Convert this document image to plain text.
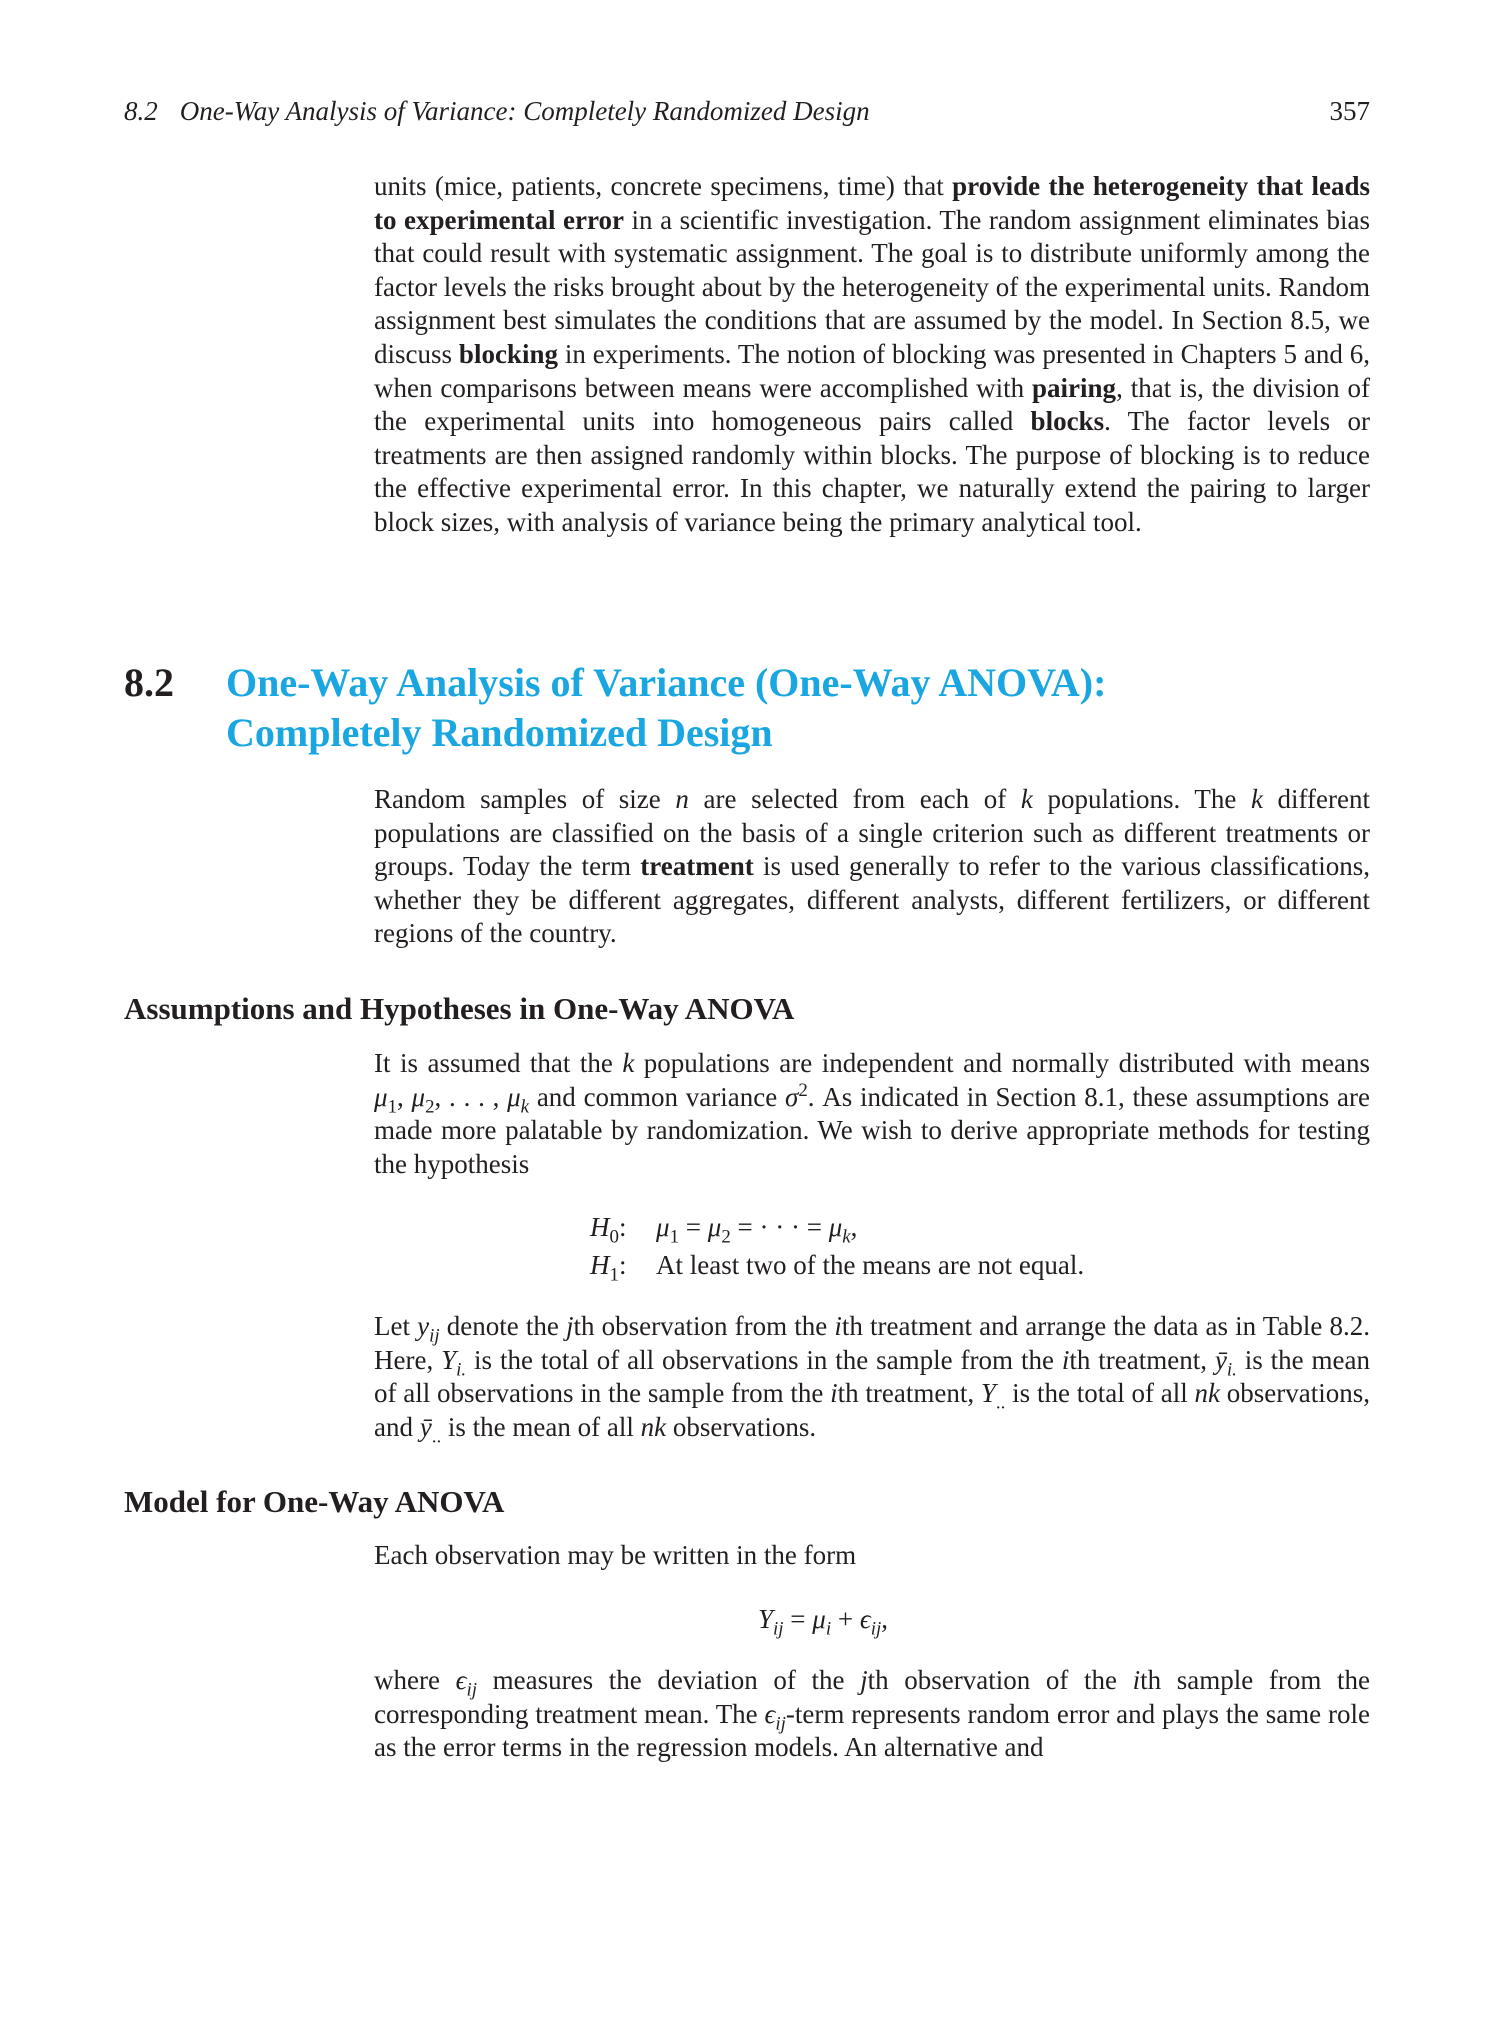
8.2 One-Way Analysis of Variance: Completely Randomized Design	357

units (mice, patients, concrete specimens, time) that provide the heterogeneity that leads to experimental error in a scientific investigation. The random assignment eliminates bias that could result with systematic assignment. The goal is to distribute uniformly among the factor levels the risks brought about by the heterogeneity of the experimental units. Random assignment best simulates the conditions that are assumed by the model. In Section 8.5, we discuss blocking in experiments. The notion of blocking was presented in Chapters 5 and 6, when comparisons between means were accomplished with pairing, that is, the division of the experimental units into homogeneous pairs called blocks. The factor levels or treatments are then assigned randomly within blocks. The purpose of blocking is to reduce the effective experimental error. In this chapter, we naturally extend the pairing to larger block sizes, with analysis of variance being the primary analytical tool.

8.2	One-Way Analysis of Variance (One-Way ANOVA):
Completely Randomized Design

Random samples of size n are selected from each of k populations. The k different populations are classified on the basis of a single criterion such as different treatments or groups. Today the term treatment is used generally to refer to the various classifications, whether they be different aggregates, different analysts, different fertilizers, or different regions of the country.

Assumptions and Hypotheses in One-Way ANOVA

It is assumed that the k populations are independent and normally distributed with means $\mu_1$, $\mu_2$, . . . , $\mu_k$ and common variance $\sigma^2$. As indicated in Section 8.1, these assumptions are made more palatable by randomization. We wish to derive appropriate methods for testing the hypothesis

$H_0$: $\mu_1 = \mu_2$ = · · · = $\mu_k$,
$H_1$: At least two of the means are not equal.

Let $y_{ij}$ denote the jth observation from the ith treatment and arrange the data as in Table 8.2. Here, $Y_{i.}$ is the total of all observations in the sample from the ith treatment, $ȳ_{i.}$ is the mean of all observations in the sample from the ith treatment, $Y_{..}$ is the total of all nk observations, and $ȳ_{..}$ is the mean of all nk observations.

Model for One-Way ANOVA

Each observation may be written in the form

$Y_{ij} = \mu_i + \epsilon_{ij}$,

where $\epsilon_{ij}$ measures the deviation of the jth observation of the ith sample from the corresponding treatment mean. The $\epsilon_{ij}$-term represents random error and plays the same role as the error terms in the regression models. An alternative and
